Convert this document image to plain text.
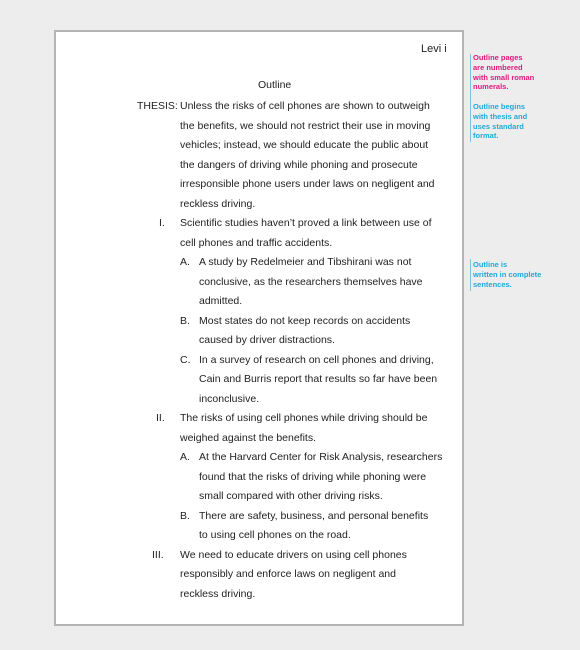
Levi i
Outline
THESIS: Unless the risks of cell phones are shown to outweigh
the benefits, we should not restrict their use in moving
vehicles; instead, we should educate the public about
the dangers of driving while phoning and prosecute
irresponsible phone users under laws on negligent and
reckless driving.
I. Scientific studies haven’t proved a link between use of
cell phones and traffic accidents.
A. A study by Redelmeier and Tibshirani was not
conclusive, as the researchers themselves have
admitted.
B. Most states do not keep records on accidents
caused by driver distractions.
C. In a survey of research on cell phones and driving,
Cain and Burris report that results so far have been
inconclusive.
II. The risks of using cell phones while driving should be
weighed against the benefits.
A. At the Harvard Center for Risk Analysis, researchers
found that the risks of driving while phoning were
small compared with other driving risks.
B. There are safety, business, and personal benefits
to using cell phones on the road.
III. We need to educate drivers on using cell phones
responsibly and enforce laws on negligent and
reckless driving.
Outline pages
are numbered
with small roman
numerals.
Outline begins
with thesis and
uses standard
format.
Outline is
written in complete
sentences.
